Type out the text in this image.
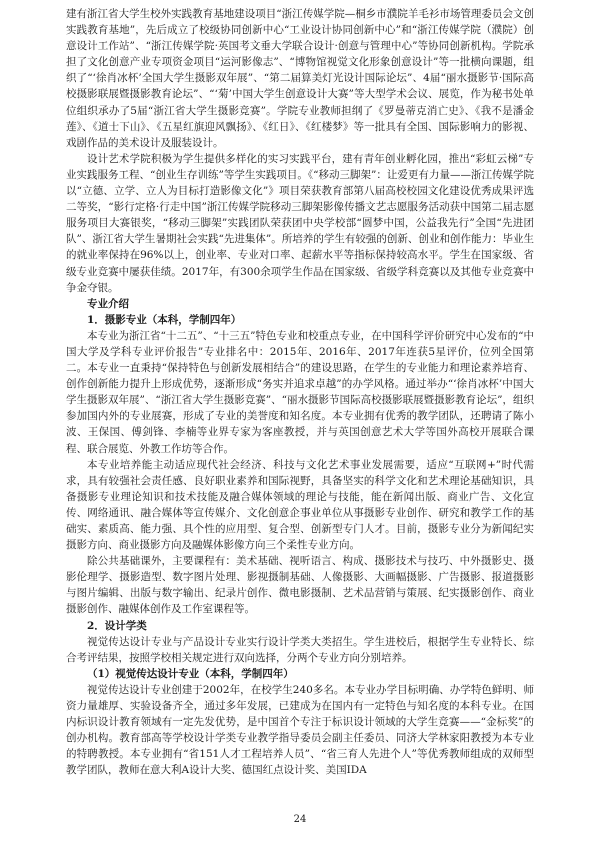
建有浙江省大学生校外实践教育基地建设项目“浙江传媒学院—桐乡市濮院羊毛衫市场管理委员会文创实践教育基地”，先后成立了校级协同创新中心“工业设计协同创新中心”和“浙江传媒学院（濮院）创意设计工作站”、“浙江传媒学院·英国考文垂大学联合设计·创意与管理中心”等协同创新机构。学院承担了文化创意产业专项资金项目“运河影像志”、“博物馆视觉文化形象创意设计”等一批横向课题，组织了“‘徐肖冰杯’全国大学生摄影双年展”、“第二届算美灯光设计国际论坛”、4届“丽水摄影节·国际高校摄影联展暨摄影教育论坛”、“‘菊’中国大学生创意设计大赛”等大型学术会议、展览，作为秘书处单位组织承办了5届“浙江省大学生摄影竞赛”。学院专业教师担纲了《罗曼蒂克消亡史》、《我不是潘金莲》、《道士下山》、《五星红旗迎风飘扬》、《红日》、《红楼梦》等一批具有全国、国际影响力的影视、戏剧作品的美术设计及服装设计。

设计艺术学院积极为学生提供多样化的实习实践平台，建有青年创业孵化园，推出“彩虹云梯”专业实践服务工程、“创业生存训练”等学生实践项目。《“移动三脚架”：让爱更有力量——浙江传媒学院以“立德、立学、立人为目标打造影像文化”》项目荣获教育部第八届高校校园文化建设优秀成果评选二等奖，“影行定格·行走中国”浙江传媒学院移动三脚架影像传播文艺志愿服务活动获中国第二届志愿服务项目大赛银奖，“移动三脚架”实践团队荣获团中央学校部“圆梦中国，公益我先行”全国“先进团队”、浙江省大学生暑期社会实践“先进集体”。所培养的学生有较强的创新、创业和创作能力：毕业生的就业率保持在96%以上，创业率、专业对口率、起薪水平等指标保持较高水平。学生在国家级、省级专业竞赛中屡获佳绩。2017年，有300余项学生作品在国家级、省级学科竞赛以及其他专业竞赛中争金夺银。

专业介绍

1．摄影专业（本科，学制四年）

本专业为浙江省“十二五”、“十三五”特色专业和校重点专业，在中国科学评价研究中心发布的“中国大学及学科专业评价报告”专业排名中：2015年、2016年、2017年连获5星评价，位列全国第二。本专业一直秉持“保持特色与创新发展相结合”的建设思路，在学生的专业能力和理论素养培育、创作创新能力提升上形成优势，逐渐形成“务实并追求卓越”的办学风格。通过举办“‘徐肖冰杯’中国大学生摄影双年展”、“浙江省大学生摄影竞赛”、“丽水摄影节国际高校摄影联展暨摄影教育论坛”，组织参加国内外的专业展赛，形成了专业的美誉度和知名度。本专业拥有优秀的教学团队，还聘请了陈小波、王保国、傅剑锋、李楠等业界专家为客座教授，并与英国创意艺术大学等国外高校开展联合课程、联合展览、外教工作坊等合作。

本专业培养能主动适应现代社会经济、科技与文化艺术事业发展需要，适应“互联网+”时代需求，具有较强社会责任感、良好职业素养和国际视野，具备坚实的科学文化和艺术理论基础知识，具备摄影专业理论知识和技术技能及融合媒体领域的理论与技能，能在新闻出版、商业广告、文化宣传、网络通讯、融合媒体等宣传媒介、文化创意企事业单位从事摄影专业创作、研究和教学工作的基础实、素质高、能力强、具个性的应用型、复合型、创新型专门人才。目前，摄影专业分为新闻纪实摄影方向、商业摄影方向及融媒体影像方向三个柔性专业方向。

除公共基础课外，主要课程有：美术基础、视听语言、构成、摄影技术与技巧、中外摄影史、摄影伦理学、摄影造型、数字图片处理、影视摄制基础、人像摄影、大画幅摄影、广告摄影、报道摄影与图片编辑、出版与数字输出、纪录片创作、微电影摄制、艺术品营销与策展、纪实摄影创作、商业摄影创作、融媒体创作及工作室课程等。

2．设计学类

视觉传达设计专业与产品设计专业实行设计学类大类招生。学生进校后，根据学生专业特长、综合考评结果，按照学校相关规定进行双向选择，分两个专业方向分别培养。

（1）视觉传达设计专业（本科，学制四年）

视觉传达设计专业创建于2002年，在校学生240多名。本专业办学目标明确、办学特色鲜明、师资力量雄厚、实验设备齐全，通过多年发展，已建成为在国内有一定特色与知名度的本科专业。在国内标识设计教育领域有一定先发优势，是中国首个专注于标识设计领域的大学生竞赛——“金标奖”的创办机构。教育部高等学校设计学类专业教学指导委员会副主任委员、同济大学林家阳教授为本专业的特聘教授。本专业拥有“省151人才工程培养人员”、“省三育人先进个人”等优秀教师组成的双师型教学团队，教师在意大利A设计大奖、德国红点设计奖、美国IDA

24
